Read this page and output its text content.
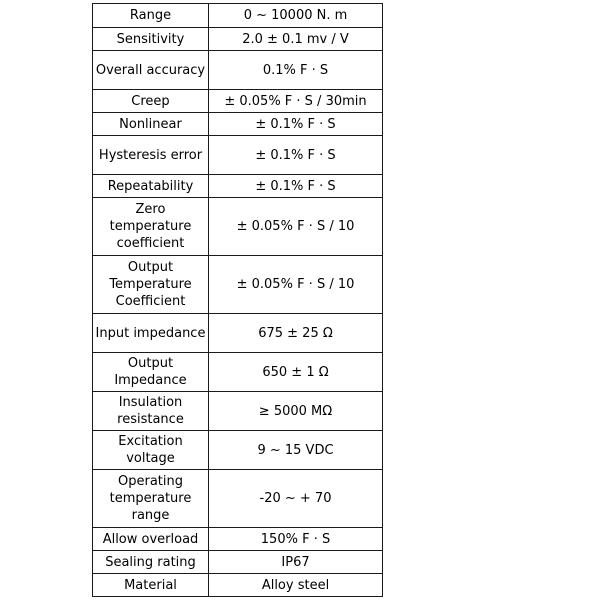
Range	0 ~ 10000 N. m
Sensitivity	2.0 ± 0.1 mv / V
Overall accuracy	0.1% F · S
Creep	± 0.05% F · S / 30min
Nonlinear	± 0.1% F · S
Hysteresis error	± 0.1% F · S
Repeatability	± 0.1% F · S
Zero temperature coefficient	± 0.05% F · S / 10
Output Temperature Coefficient	± 0.05% F · S / 10
Input impedance	675 ± 25 Ω
Output Impedance	650 ± 1 Ω
Insulation resistance	≥ 5000 MΩ
Excitation voltage	9 ~ 15 VDC
Operating temperature range	-20 ~ + 70
Allow overload	150% F · S
Sealing rating	IP67
Material	Alloy steel
